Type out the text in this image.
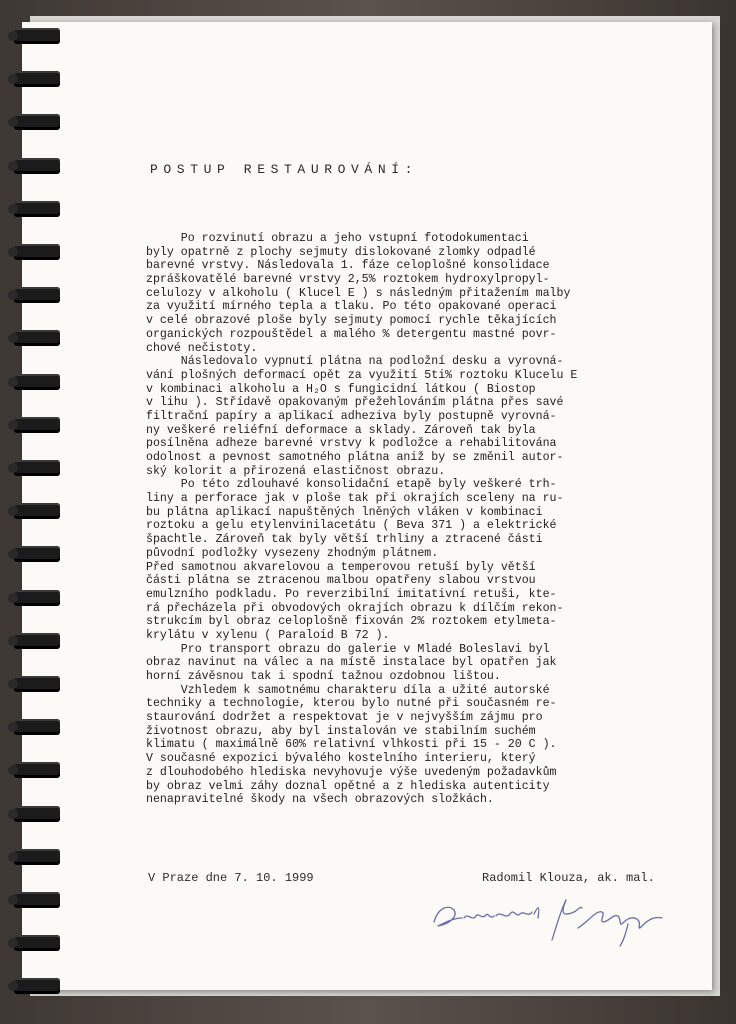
POSTUP RESTAUROVÁNÍ:
Po rozvinutí obrazu a jeho vstupní fotodokumentaci
byly opatrně z plochy sejmuty dislokované zlomky odpadlé
barevné vrstvy. Následovala 1. fáze celoplošné konsolidace
zpráškovatělé barevné vrstvy 2,5% roztokem hydroxylpropyl-
celulozy v alkoholu ( Klucel E ) s následným přitažením malby
za využití mírného tepla a tlaku. Po této opakované operaci
v celé obrazové ploše byly sejmuty pomocí rychle těkajících
organických rozpouštědel a malého % detergentu mastné povr-
chové nečistoty.
Následovalo vypnutí plátna na podložní desku a vyrovná-
vání plošných deformací opět za využití 5ti% roztoku Klucelu E
v kombinaci alkoholu a H₂O s fungicidní látkou ( Biostop
v lihu ). Střídavě opakovaným přežehlováním plátna přes savé
filtrační papíry a aplikací adheziva byly postupně vyrovná-
ny veškeré reliéfní deformace a sklady. Zároveň tak byla
posílněna adheze barevné vrstvy k podložce a rehabilitována
odolnost a pevnost samotného plátna aniž by se změnil autor-
ský kolorit a přirozená elastičnost obrazu.
Po této zdlouhavé konsolidační etapě byly veškeré trh-
liny a perforace jak v ploše tak při okrajích sceleny na ru-
bu plátna aplikací napuštěných lněných vláken v kombinaci
roztoku a gelu etylenvinilacetátu ( Beva 371 ) a elektrické
špachtle. Zároveň tak byly větší trhliny a ztracené části
původní podložky vysezeny zhodným plátnem.
Před samotnou akvarelovou a temperovou retuší byly větší
části plátna se ztracenou malbou opatřeny slabou vrstvou
emulzního podkladu. Po reverzibilní imitativní retuši, kte-
rá přecházela při obvodových okrajích obrazu k dílčím rekon-
strukcím byl obraz celoplošně fixován 2% roztokem etylmeta-
krylátu v xylenu ( Paraloid B 72 ).
Pro transport obrazu do galerie v Mladé Boleslavi byl
obraz navinut na válec a na místě instalace byl opatřen jak
horní závěsnou tak i spodní tažnou ozdobnou lištou.
Vzhledem k samotnému charakteru díla a užité autorské
techniky a technologie, kterou bylo nutné při současném re-
staurování dodržet a respektovat je v nejvyšším zájmu pro
životnost obrazu, aby byl instalován ve stabilním suchém
klimatu ( maximálně 60% relativní vlhkosti při 15 - 20 C ).
V současné expozici bývalého kostelního interieru, který
z dlouhodobého hlediska nevyhovuje výše uvedeným požadavkům
by obraz velmi záhy doznal opětné a z hlediska autenticity
nenapravitelné škody na všech obrazových složkách.
V Praze dne 7. 10. 1999	Radomil Klouza, ak. mal.
